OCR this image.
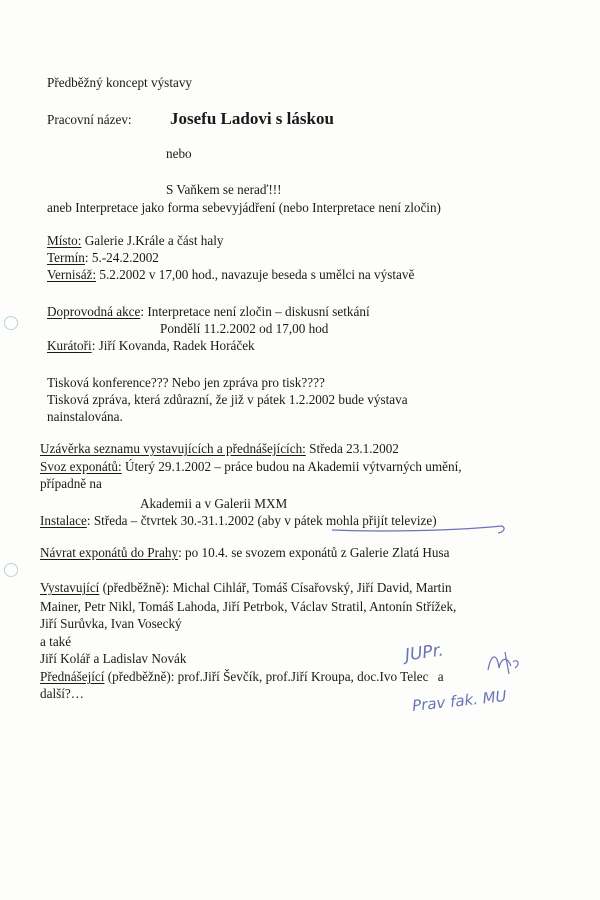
Předběžný koncept výstavy
Pracovní název: Josefu Ladovi s láskou
nebo
S Vaňkem se neraď!!!
aneb Interpretace jako forma sebevyjádření (nebo Interpretace není zločin)
Místo: Galerie J.Krále a část haly
Termín: 5.-24.2.2002
Vernisáž: 5.2.2002 v 17,00 hod., navazuje beseda s umělci na výstavě
Doprovodná akce: Interpretace není zločin – diskusní setkání
Pondělí 11.2.2002 od 17,00 hod
Kurátoři: Jiří Kovanda, Radek Horáček
Tisková konference??? Nebo jen zpráva pro tisk????
Tisková zpráva, která zdůrazní, že již v pátek 1.2.2002 bude výstava
nainstalována.
Uzávěrka seznamu vystavujících a přednášejících: Středa 23.1.2002
Svoz exponátů: Úterý 29.1.2002 – práce budou na Akademii výtvarných umění,
případně na
Akademii a v Galerii MXM
Instalace: Středa – čtvrtek 30.-31.1.2002 (aby v pátek mohla přijít televize)
Návrat exponátů do Prahy: po 10.4. se svozem exponátů z Galerie Zlatá Husa
Vystavující (předběžně): Michal Cihlář, Tomáš Císařovský, Jiří David, Martin
Mainer, Petr Nikl, Tomáš Lahoda, Jiří Petrbok, Václav Stratil, Antonín Střížek,
Jiří Surůvka, Ivan Vosecký
a také
Jiří Kolář a Ladislav Novák
Přednášející (předběžně): prof.Jiří Ševčík, prof.Jiří Kroupa, doc.Ivo Telec a
další?…
JUPr.
Prav fak. MU
